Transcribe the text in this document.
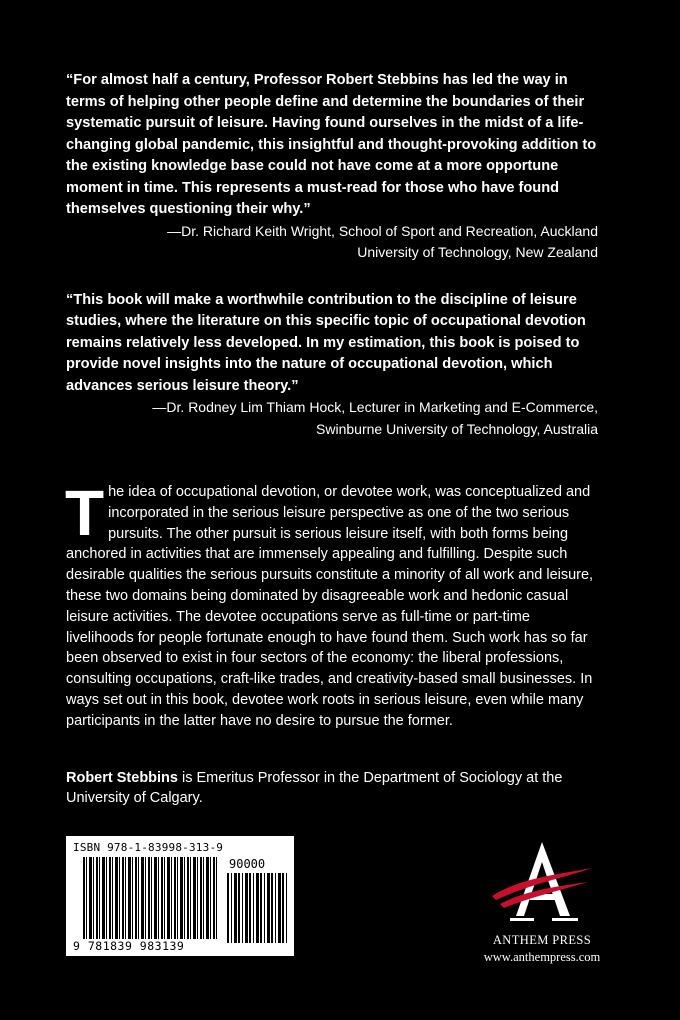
“For almost half a century, Professor Robert Stebbins has led the way in terms of helping other people define and determine the boundaries of their systematic pursuit of leisure. Having found ourselves in the midst of a life-changing global pandemic, this insightful and thought-provoking addition to the existing knowledge base could not have come at a more opportune moment in time. This represents a must-read for those who have found themselves questioning their why.”

—Dr. Richard Keith Wright, School of Sport and Recreation, Auckland

University of Technology, New Zealand

“This book will make a worthwhile contribution to the discipline of leisure studies, where the literature on this specific topic of occupational devotion remains relatively less developed. In my estimation, this book is poised to provide novel insights into the nature of occupational devotion, which advances serious leisure theory.”

—Dr. Rodney Lim Thiam Hock, Lecturer in Marketing and E-Commerce,

Swinburne University of Technology, Australia

The idea of occupational devotion, or devotee work, was conceptualized and incorporated in the serious leisure perspective as one of the two serious pursuits. The other pursuit is serious leisure itself, with both forms being anchored in activities that are immensely appealing and fulfilling. Despite such desirable qualities the serious pursuits constitute a minority of all work and leisure, these two domains being dominated by disagreeable work and hedonic casual leisure activities. The devotee occupations serve as full-time or part-time livelihoods for people fortunate enough to have found them. Such work has so far been observed to exist in four sectors of the economy: the liberal professions, consulting occupations, craft-like trades, and creativity-based small businesses. In ways set out in this book, devotee work roots in serious leisure, even while many participants in the latter have no desire to pursue the former.

Robert Stebbins is Emeritus Professor in the Department of Sociology at the University of Calgary.

ISBN 978-1-83998-313-9
90000
9 781839 983139	ANTHEM PRESS
www.anthempress.com
